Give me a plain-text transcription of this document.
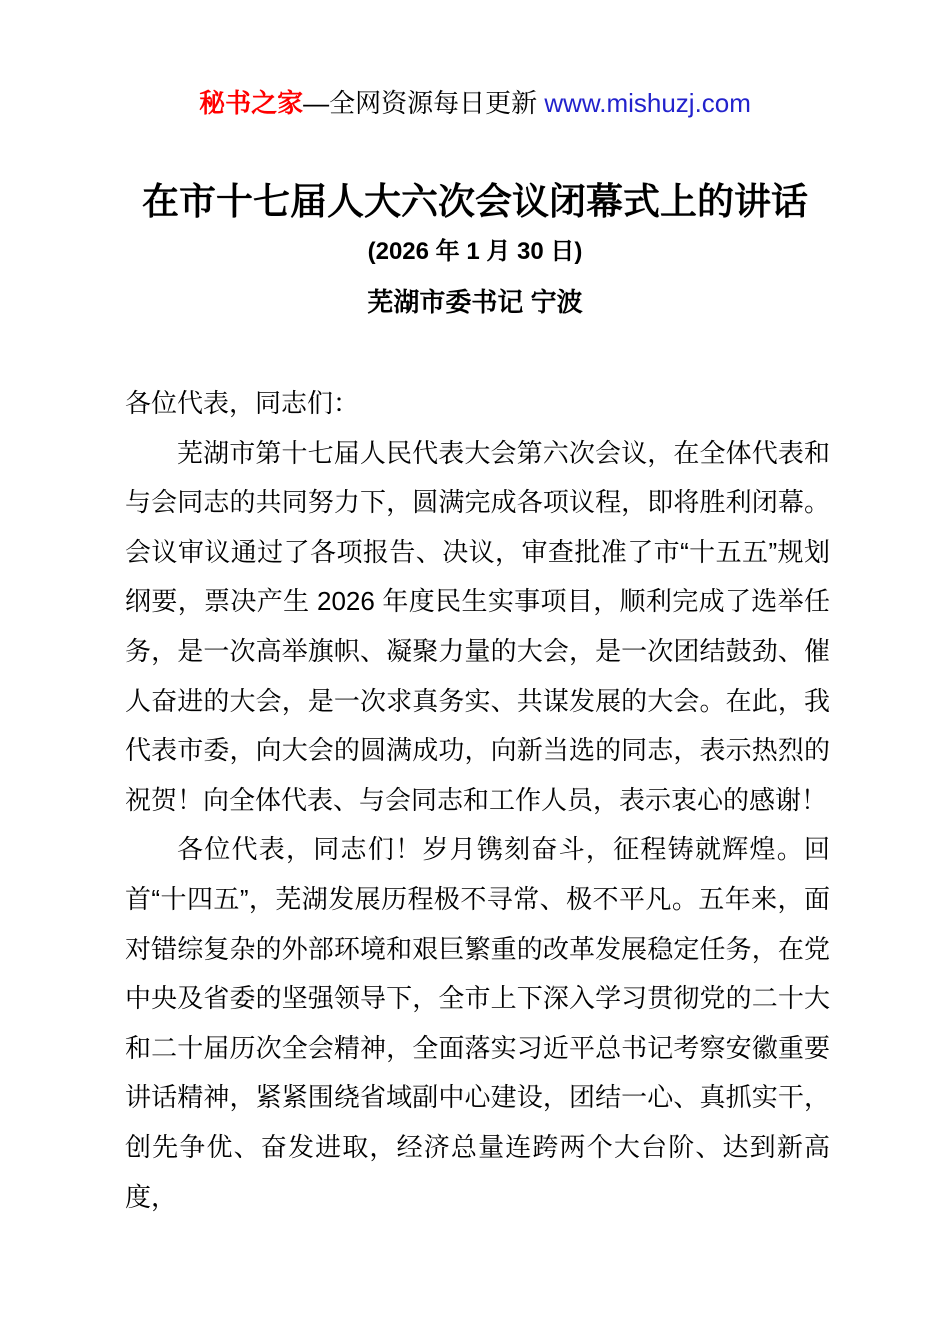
秘书之家—全网资源每日更新 www.mishuzj.com
在市十七届人大六次会议闭幕式上的讲话
(2026 年 1 月 30 日)
芜湖市委书记 宁波

各位代表，同志们：

芜湖市第十七届人民代表大会第六次会议，在全体代表和与会同志的共同努力下，圆满完成各项议程，即将胜利闭幕。会议审议通过了各项报告、决议，审查批准了市“十五五”规划纲要，票决产生 2026 年度民生实事项目，顺利完成了选举任务，是一次高举旗帜、凝聚力量的大会，是一次团结鼓劲、催人奋进的大会，是一次求真务实、共谋发展的大会。在此，我代表市委，向大会的圆满成功，向新当选的同志，表示热烈的祝贺！向全体代表、与会同志和工作人员，表示衷心的感谢！

各位代表，同志们！岁月镌刻奋斗，征程铸就辉煌。回首“十四五”，芜湖发展历程极不寻常、极不平凡。五年来，面对错综复杂的外部环境和艰巨繁重的改革发展稳定任务，在党中央及省委的坚强领导下，全市上下深入学习贯彻党的二十大和二十届历次全会精神，全面落实习近平总书记考察安徽重要讲话精神，紧紧围绕省域副中心建设，团结一心、真抓实干，创先争优、奋发进取，经济总量连跨两个大台阶、达到新高度，
